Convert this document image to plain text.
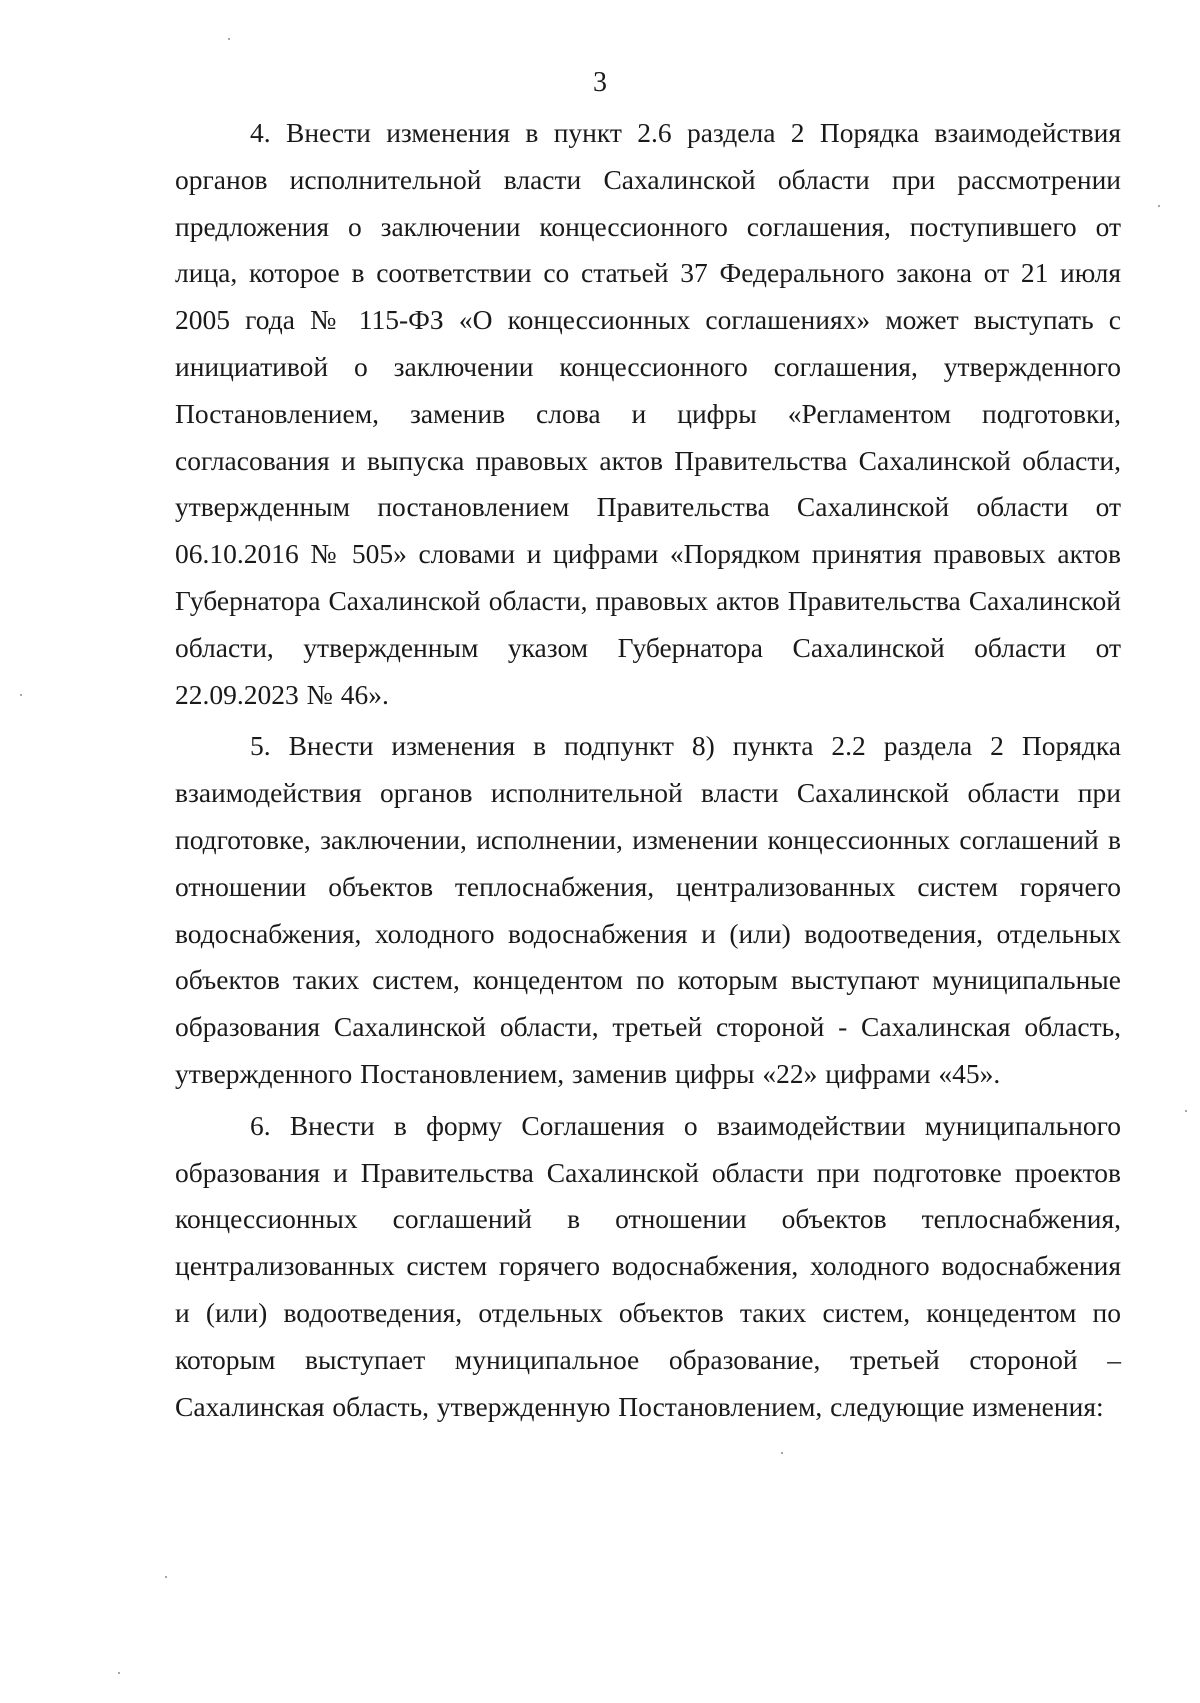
3

4. Внести изменения в пункт 2.6 раздела 2 Порядка взаимодействия органов исполнительной власти Сахалинской области при рассмотрении предложения о заключении концессионного соглашения, поступившего от лица, которое в соответствии со статьей 37 Федерального закона от 21 июля 2005 года № 115-ФЗ «О концессионных соглашениях» может выступать с инициативой о заключении концессионного соглашения, утвержденного Постановлением, заменив слова и цифры «Регламентом подготовки, согласования и выпуска правовых актов Правительства Сахалинской области, утвержденным постановлением Правительства Сахалинской области от 06.10.2016 № 505» словами и цифрами «Порядком принятия правовых актов Губернатора Сахалинской области, правовых актов Правительства Сахалинской области, утвержденным указом Губернатора Сахалинской области от 22.09.2023 № 46».

5. Внести изменения в подпункт 8) пункта 2.2 раздела 2 Порядка взаимодействия органов исполнительной власти Сахалинской области при подготовке, заключении, исполнении, изменении концессионных соглашений в отношении объектов теплоснабжения, централизованных систем горячего водоснабжения, холодного водоснабжения и (или) водоотведения, отдельных объектов таких систем, концедентом по которым выступают муниципальные образования Сахалинской области, третьей стороной - Сахалинская область, утвержденного Постановлением, заменив цифры «22» цифрами «45».

6. Внести в форму Соглашения о взаимодействии муниципального образования и Правительства Сахалинской области при подготовке проектов концессионных соглашений в отношении объектов теплоснабжения, централизованных систем горячего водоснабжения, холодного водоснабжения и (или) водоотведения, отдельных объектов таких систем, концедентом по которым выступает муниципальное образование, третьей стороной – Сахалинская область, утвержденную Постановлением, следующие изменения:
